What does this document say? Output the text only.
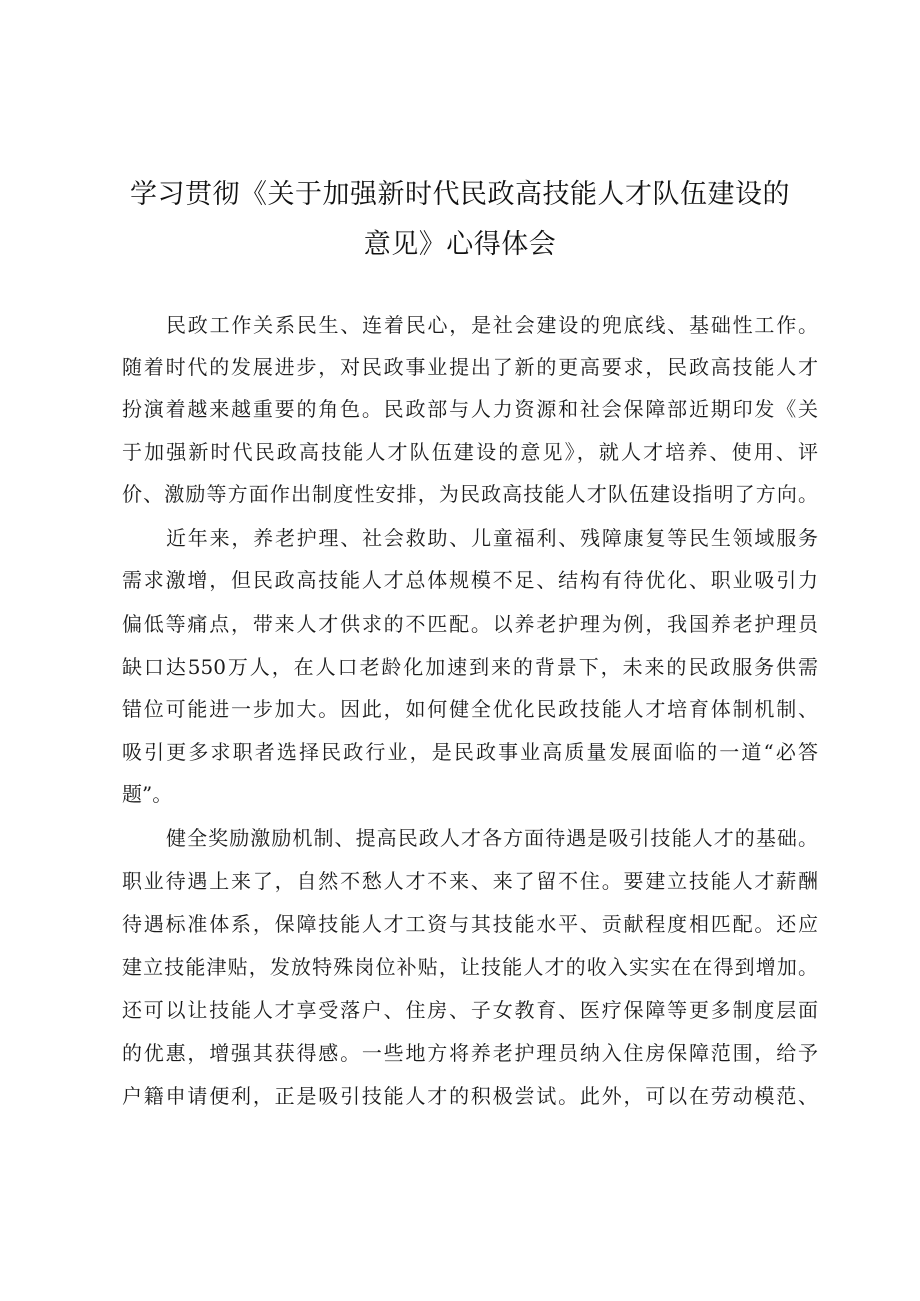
学习贯彻《关于加强新时代民政高技能人才队伍建设的
意见》心得体会
民政工作关系民生、连着民心，是社会建设的兜底线、基础性工作。
随着时代的发展进步，对民政事业提出了新的更高要求，民政高技能人才
扮演着越来越重要的角色。民政部与人力资源和社会保障部近期印发《关
于加强新时代民政高技能人才队伍建设的意见》，就人才培养、使用、评
价、激励等方面作出制度性安排，为民政高技能人才队伍建设指明了方向。
近年来，养老护理、社会救助、儿童福利、残障康复等民生领域服务
需求激增，但民政高技能人才总体规模不足、结构有待优化、职业吸引力
偏低等痛点，带来人才供求的不匹配。以养老护理为例，我国养老护理员
缺口达550万人，在人口老龄化加速到来的背景下，未来的民政服务供需
错位可能进一步加大。因此，如何健全优化民政技能人才培育体制机制、
吸引更多求职者选择民政行业，是民政事业高质量发展面临的一道“必答
题”。
健全奖励激励机制、提高民政人才各方面待遇是吸引技能人才的基础。
职业待遇上来了，自然不愁人才不来、来了留不住。要建立技能人才薪酬
待遇标准体系，保障技能人才工资与其技能水平、贡献程度相匹配。还应
建立技能津贴，发放特殊岗位补贴，让技能人才的收入实实在在得到增加。
还可以让技能人才享受落户、住房、子女教育、医疗保障等更多制度层面
的优惠，增强其获得感。一些地方将养老护理员纳入住房保障范围，给予
户籍申请便利，正是吸引技能人才的积极尝试。此外，可以在劳动模范、
